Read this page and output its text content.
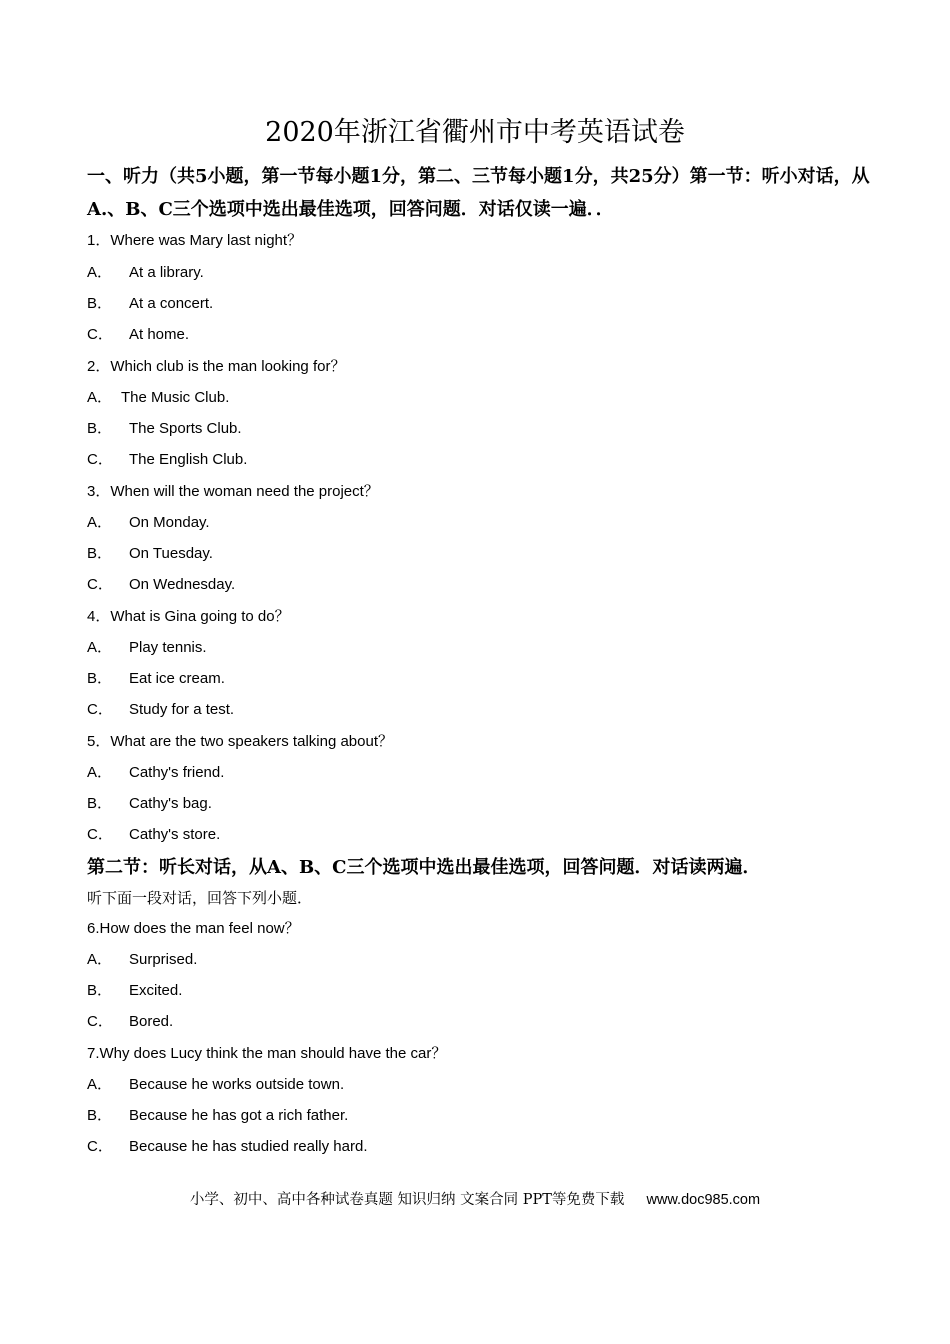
2020年浙江省衢州市中考英语试卷
一、听力（共5小题，第一节每小题1分，第二、三节每小题1分，共25分）第一节：听小对话，从A.、B、C三个选项中选出最佳选项，回答问题．对话仅读一遍．．
1．Where was Mary last night？
A． At a library.
B． At a concert.
C． At home.
2．Which club is the man looking for？
A． The Music Club.
B． The Sports Club.
C． The English Club.
3．When will the woman need the project？
A． On Monday.
B． On Tuesday.
C． On Wednesday.
4．What is Gina going to do？
A． Play tennis.
B． Eat ice cream.
C． Study for a test.
5．What are the two speakers talking about？
A． Cathy's friend.
B． Cathy's bag.
C． Cathy's store.
第二节：听长对话，从A、B、C三个选项中选出最佳选项，回答问题．对话读两遍．
听下面一段对话，回答下列小题．
6.How does the man feel now？
A． Surprised.
B． Excited.
C． Bored.
7.Why does Lucy think the man should have the car？
A． Because he works outside town.
B． Because he has got a rich father.
C． Because he has studied really hard.
小学、初中、高中各种试卷真题 知识归纳 文案合同 PPT等免费下载 www.doc985.com
